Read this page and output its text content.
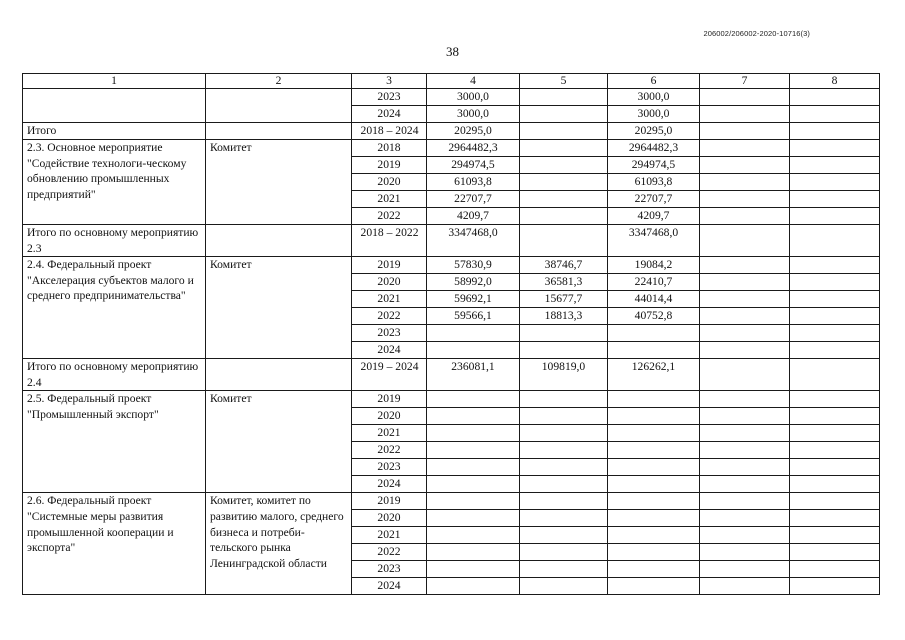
206002/206002-2020-10716(3)
38
1	2	3	4	5	6	7	8
		2023	3000,0		3000,0		
		2024	3000,0		3000,0		
Итого		2018 – 2024	20295,0		20295,0		
2.3. Основное мероприятие "Содействие технологи-ческому обновлению промышленных предприятий"	Комитет	2018	2964482,3		2964482,3		
		2019	294974,5		294974,5		
		2020	61093,8		61093,8		
		2021	22707,7		22707,7		
		2022	4209,7		4209,7		
Итого по основному мероприятию 2.3		2018 – 2022	3347468,0		3347468,0		
2.4. Федеральный проект "Акселерация субъектов малого и среднего предпринимательства"	Комитет	2019	57830,9	38746,7	19084,2		
		2020	58992,0	36581,3	22410,7		
		2021	59692,1	15677,7	44014,4		
		2022	59566,1	18813,3	40752,8		
		2023					
		2024					
Итого по основному мероприятию 2.4		2019 – 2024	236081,1	109819,0	126262,1		
2.5. Федеральный проект "Промышленный экспорт"	Комитет	2019					
		2020					
		2021					
		2022					
		2023					
		2024					
2.6. Федеральный проект "Системные меры развития промышленной кооперации и экспорта"	Комитет, комитет по развитию малого, среднего бизнеса и потреби-тельского рынка Ленинградской области	2019					
		2020					
		2021					
		2022					
		2023					
		2024					
